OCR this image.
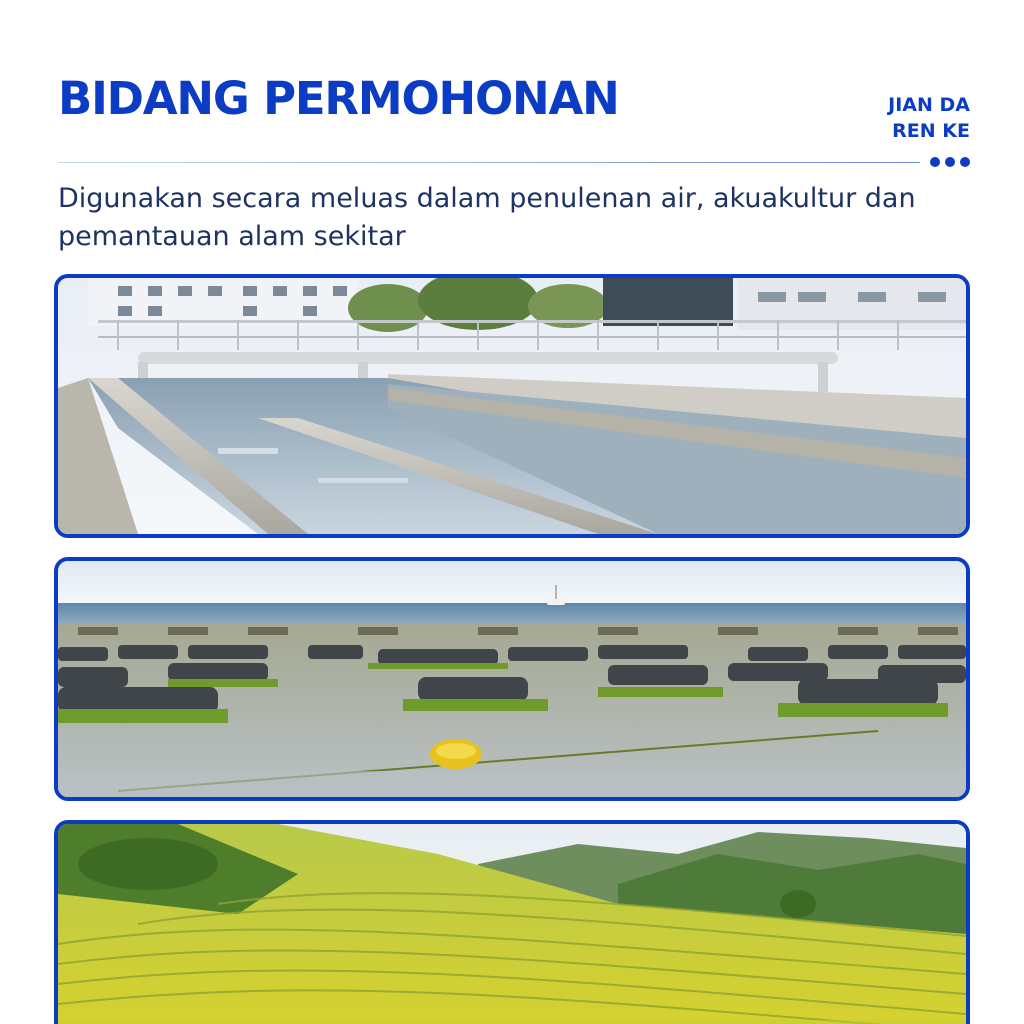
BIDANG PERMOHONAN	JIAN DA
REN KE

Digunakan secara meluas dalam penulenan air, akuakultur dan pemantauan alam sekitar
